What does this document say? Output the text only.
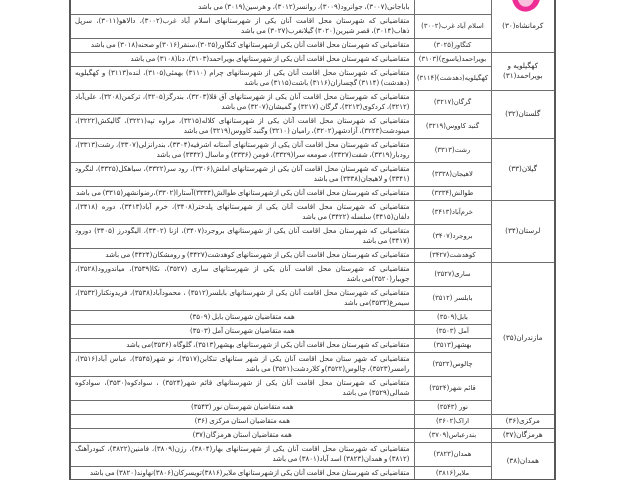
کرمانشاه(۳۰)		باباجانی(۳۰۰۷)، جوانرود(۳۰۰۹)، روانسر(۳۰۱۲)، و هرسین(۳۰۱۹) می باشد

	اسلام آباد غرب(۳۰۰۲)	متقاضیانی که شهرستان محل اقامت آنان یکی از شهرستانهای اسلام آباد غرب(۳۰۰۲)، دالاهو(۳۰۱۱)، سرپل ذهاب(۳۰۱۴)، قصر شیرین(۳۰۲۰) گیلانغرب(۳۰۲۷) می باشد

	کنگاور(۳۰۲۵)	متقاضیانی که شهرستان محل اقامت آنان یکی ازشهرستانهای کنگاور(۳۰۲۵)،سنقر(۳۰۱۶)و صحنه(۳۰۱۸) می باشد

کهگیلویه و بویراحمد(۳۱)	بویراحمد(یاسوج)(۳۱۰۳)	متقاضیانی که شهرستان محل اقامت آنان یکی از شهرستانهای بویراحمد(۳۱۰۳)، دنا(۳۱۰۸) می باشد

	کهگیلویه(دهدشت)(۳۱۱۴)	متقاضیانی که شهرستان محل اقامت آنان یکی از شهرستانهای چرام (۳۱۱۰) بهمئی(۳۱۰۵)، لنده(۳۱۱۳) و کهگیلویه (دهدشت) (۳۱۱۴) گچساران(۳۱۱۶) باشت(۳۱۱۵) می باشد

گلستان(۳۲)	گرگان(۳۲۱۷)	متقاضیانی که شهرستان محل اقامت آنان یکی از شهرستانهای آق قلا(۳۲۰۳)، بندرگز(۳۲۰۵)، ترکمن(۳۲۰۸)، علی‌آباد (۳۲۱۲)، کردکوی(۳۲۱۳)، گرگان (۳۲۱۷) و گمیشان(۳۲۰۷) می باشد

	گنبد کاووس(۳۲۱۹)	متقاضیانی که شهرستان محل اقامت آنان یکی از شهرستانهای کلاله(۳۲۱۵)، مراوه تپه(۳۲۲۱)، گالیکش(۳۲۲۲)، مینودشت(۳۲۲۳)، آزادشهر(۳۲۰۲)، رامیان (۳۲۱۰) وگنبد کاووس(۳۲۱۹) می باشد

گیلان(۳۳)	رشت(۳۳۱۳)	متقاضیانی که شهرستان محل اقامت آنان یکی از شهرستانهای آستانه اشرفیه(۳۳۰۴)، بندرانزلی(۳۳۰۷)، رشت(۳۳۱۳)، رودبار(۳۳۱۹)، شفت(۳۳۲۷)، صومعه سرا(۳۳۲۹)، فومن (۳۳۳۶) و ماسال (۳۳۴۲) می باشد

	لاهیجان(۳۳۳۸)	متقاضیانی که شهرستان محل اقامت آنان یکی از شهرستانهای املش(۳۳۰۶)، رود سر(۳۳۲۲)، سیاهکل(۳۳۲۵)، لنگرود (۳۳۴۱) و لاهیجان(۳۳۳۸) می باشد

	طوالش(۳۳۳۴)	متقاضیانی که شهرستان محل اقامت آنان یکی ازشهرستانهای طوالش(۳۳۳۴)آستارا(۳۳۰۲)،رضوانشهر(۳۳۱۵) می باشد

لرستان(۳۴)	خرم‌آباد(۳۴۱۳)	متقاضیانی که شهرستان محل اقامت آنان یکی از شهرستانهای پلدختر(۳۴۰۸)، خرم آباد(۳۴۱۳)، دوره (۳۴۱۸)، دلفان(۳۴۱۵) سلسله (۳۴۲۲) می باشد

	بروجرد(۳۴۰۷)	متقاضیانی که شهرستان محل اقامت آنان یکی از شهرستانهای بروجرد(۳۴۰۷)، ازنا (۳۴۰۲)، الیگودرز (۳۴۰۵) دورود (۳۴۱۷) می باشد

	کوهدشت(۳۴۲۷)	متقاضیانی که شهرستان محل اقامت آنان یکی از شهرستانهای کوهدشت(۳۴۲۷) و رومشکان(۳۴۲۴) می باشد

مازندران(۳۵)	ساری(۳۵۲۷)	متقاضیانی که شهرستان محل اقامت آنان یکی از شهرستانهای ساری (۳۵۲۷)، نکا(۳۵۳۹)، میاندورود(۳۵۲۸)، جویبار(۳۵۲۰)می باشد

	بابلسر (۳۵۱۲)	متقاضیانی که شهرستان محل اقامت آنان یکی از شهرستانهای بابلسر(۳۵۱۲) ، محمودآباد(۳۵۳۸)، فریدونکنار(۳۵۳۲)، سیمرغ(۳۵۳۳)می باشد

	بابل(۳۵۰۹)	همه متقاضیان شهرستان بابل (۳۵۰۹)

	آمل (۳۵۰۳)	همه متقاضیان شهرستان آمل (۳۵۰۳)

	بهشهر(۳۵۱۳)	متقاضیانی که شهرستان محل اقامت آنان یکی از شهرستانهای بهشهر(۳۵۱۳)، گلوگاه (۳۵۳۶)می باشد

	چالوس(۳۵۲۲)	متقاضیانی که شهر ستان محل اقامت آنان یکی از شهر ستانهای تنکابن(۳۵۱۷)، نو شهر(۳۵۴۵)، عباس آباد(۳۵۱۶)، رامسر(۳۵۲۳)، چالوس(۳۵۲۲)و کلاردشت(۳۵۲۱) می باشد

	قائم شهر(۳۵۲۴)	متقاضیانی که شهرستان محل اقامت آنان یکی از شهرستانهای قائم شهر(۳۵۲۴) ، سوادکوه(۳۵۳۰)، سوادکوه شمالی(۳۵۲۹) می باشد

	نور (۳۵۴۳)	همه متقاضیان شهرستان نور (۳۵۴۳)

مرکزی(۳۶)	اراک(۳۶۰۲)	همه متقاضیان استان مرکزی (۳۶)

هرمزگان(۳۷)	بندرعباس(۳۷۰۹)	همه متقاضیان استان هرمزگان(۳۷)

همدان(۳۸)	همدان(۳۸۲۳)	متقاضیانی که شهرستان محل اقامت آنان یکی از شهرستانهای بهار(۳۸۰۴)، رزن(۳۸۰۹)، فامنین(۳۸۲۲)، کبودرآهنگ (۳۸۱۲) و همدان(۳۸۲۳) اسد آباد(۳۸۰۱) می باشد

	ملایر(۳۸۱۶)	متقاضیانی که شهرستان محل اقامت آنان یکی ازشهرستانهای ملایر(۳۸۱۶)تویسرکان(۳۸۰۶)نهاوند(۳۸۲۰) می باشد
